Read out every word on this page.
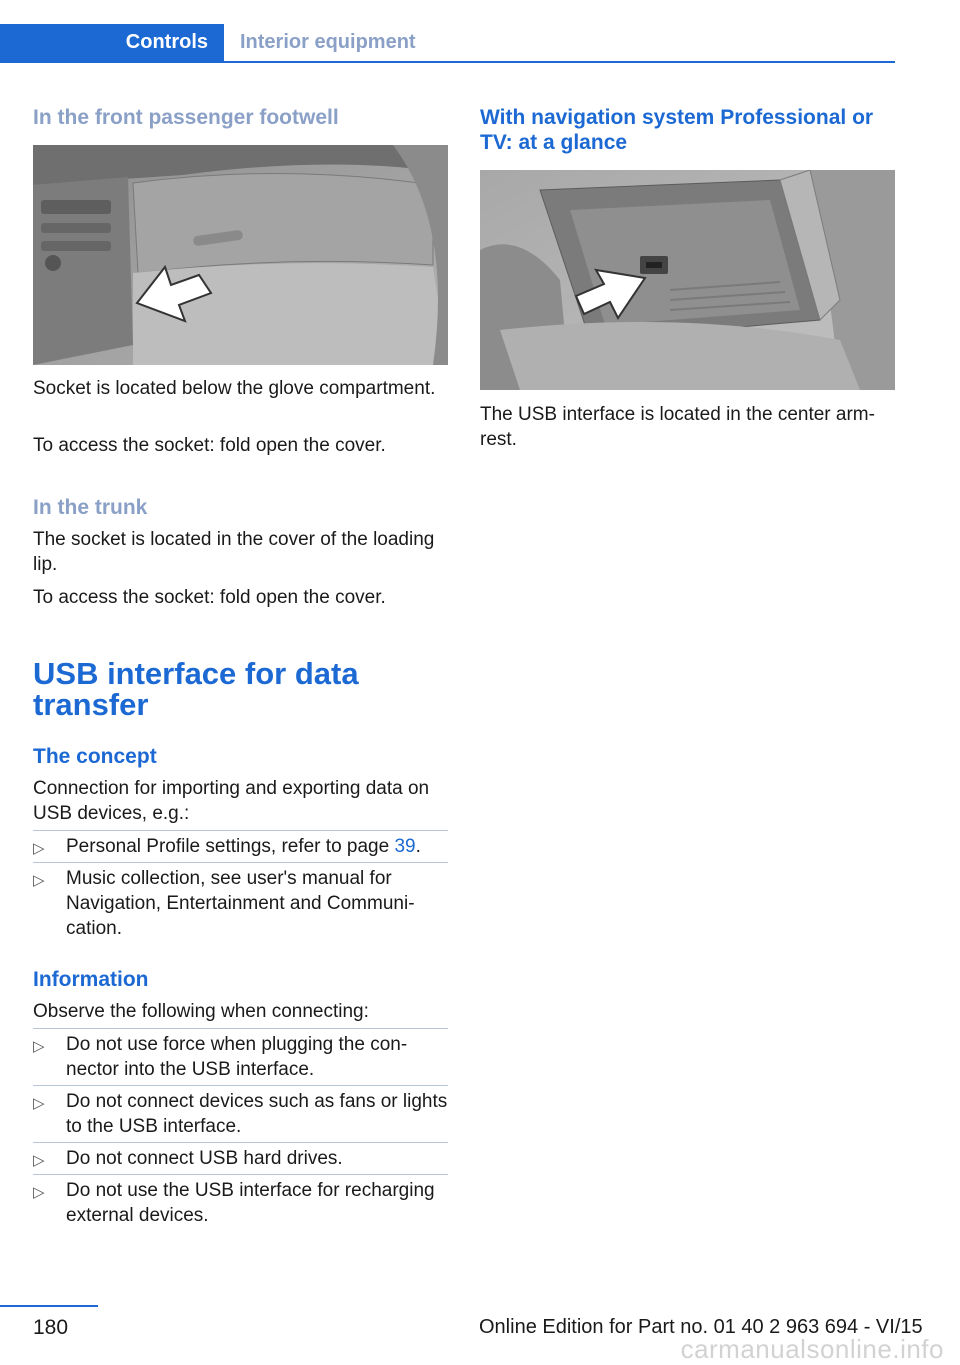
Controls	Interior equipment
In the front passenger footwell

Socket is located below the glove compartment.

To access the socket: fold open the cover.

In the trunk

The socket is located in the cover of the loading lip.

To access the socket: fold open the cover.

USB interface for data transfer
The concept

Connection for importing and exporting data on USB devices, e.g.:

▷ Personal Profile settings, refer to page 39.
▷ Music collection, see user's manual for Navigation, Entertainment and Communication.
Information

Observe the following when connecting:

▷ Do not use force when plugging the connector into the USB interface.
▷ Do not connect devices such as fans or lights to the USB interface.
▷ Do not connect USB hard drives.
▷ Do not use the USB interface for recharging external devices.
With navigation system Professional or TV: at a glance

The USB interface is located in the center armrest.

180	Online Edition for Part no. 01 40 2 963 694 - VI/15
carmanualsonline.info
